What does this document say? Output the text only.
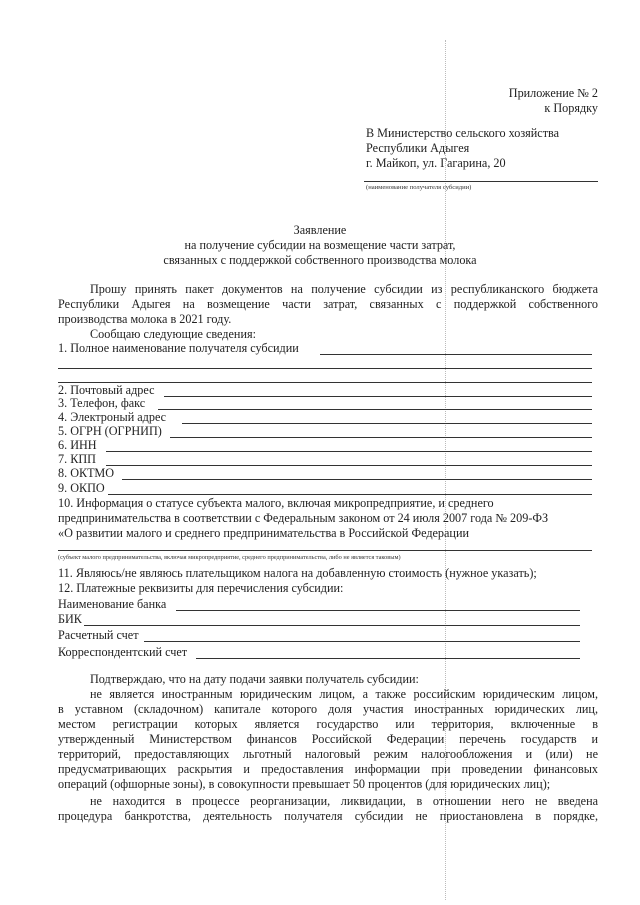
Приложение № 2
к Порядку
В Министерство сельского хозяйства
Республики Адыгея
г. Майкоп, ул. Гагарина, 20
(наименование получателя субсидии)
Заявление
на получение субсидии на возмещение части затрат,
связанных с поддержкой собственного производства молока
Прошу принять пакет документов на получение субсидии из республиканского бюджета
Республики Адыгея на возмещение части затрат, связанных с поддержкой собственного
производства молока в 2021 году.
Сообщаю следующие сведения:
1. Полное наименование получателя субсидии
2. Почтовый адрес
3. Телефон, факс
4. Электроный адрес
5. ОГРН (ОГРНИП)
6. ИНН
7. КПП
8. ОКТМО
9. ОКПО
10. Информация о статусе субъекта малого, включая микропредприятие, и среднего
предпринимательства в соответствии с Федеральным законом от 24 июля 2007 года № 209-ФЗ
«О развитии малого и среднего предпринимательства в Российской Федерации
(субъект малого предпринимательства, включая микропредприятие, среднего предпринимательства, либо не является таковым)
11. Являюсь/не являюсь плательщиком налога на добавленную стоимость (нужное указать);
12. Платежные реквизиты для перечисления субсидии:
Наименование банка
БИК
Расчетный счет
Корреспондентский счет
Подтверждаю, что на дату подачи заявки получатель субсидии:
не является иностранным юридическим лицом, а также российским юридическим лицом,
в уставном (складочном) капитале которого доля участия иностранных юридических лиц,
местом регистрации которых является государство или территория, включенные в
утвержденный Министерством финансов Российской Федерации перечень государств и
территорий, предоставляющих льготный налоговый режим налогообложения и (или) не
предусматривающих раскрытия и предоставления информации при проведении финансовых
операций (офшорные зоны), в совокупности превышает 50 процентов (для юридических лиц);
не находится в процессе реорганизации, ликвидации, в отношении него не введена
процедура банкротства, деятельность получателя субсидии не приостановлена в порядке,
